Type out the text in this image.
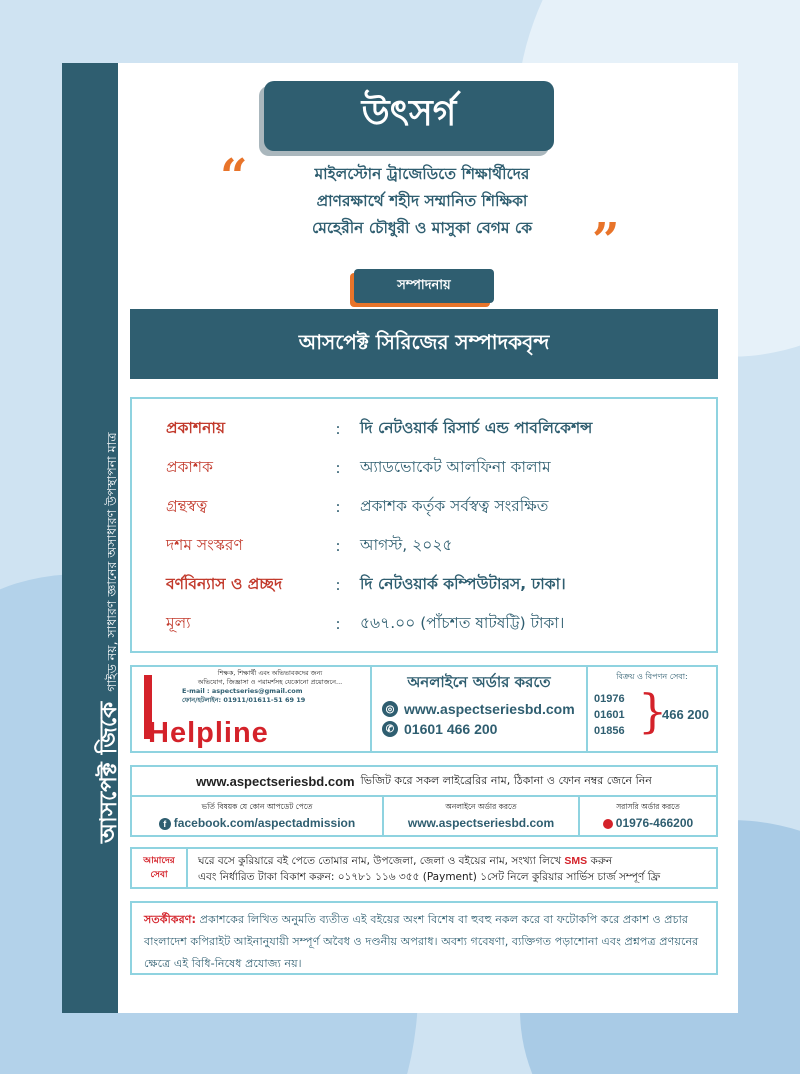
আসপেক্ট জিকে
গাইড নয়, সাধারণ জ্ঞানের অসাধারণ উপস্থাপনা মাত্র
উৎসর্গ
“	মাইলস্টোন ট্রাজেডিতে শিক্ষার্থীদের
প্রাণরক্ষার্থে শহীদ সম্মানিত শিক্ষিকা
মেহেরীন চৌধুরী ও মাসুকা বেগম কে	”
সম্পাদনায়
আসপেক্ট সিরিজের সম্পাদকবৃন্দ
প্রকাশনায়	:	দি নেটওয়ার্ক রিসার্চ এন্ড পাবলিকেশন্স
প্রকাশক	:	অ্যাডভোকেট আলফিনা কালাম
গ্রন্থস্বত্ব	:	প্রকাশক কর্তৃক সর্বস্বত্ব সংরক্ষিত
দশম সংস্করণ	:	আগস্ট, ২০২৫
বর্ণবিন্যাস ও প্রচ্ছদ	:	দি নেটওয়ার্ক কম্পিউটারস, ঢাকা।
মূল্য	:	৫৬৭.০০ (পাঁচশত ষাটষট্টি) টাকা।
শিক্ষক, শিক্ষার্থী এবং অভিভাবকদের জন্য
অভিযোগ, জিজ্ঞাসা ও পরামর্শসহ যেকোনো প্রয়োজনে...
E-mail : aspectseries@gmail.com
ফোন/হটলাইন: 01911/01611-51 69 19
Helpline
অনলাইনে অর্ডার করতে
◎ www.aspectseriesbd.com
✆ 01601 466 200
বিক্রয় ও বিপণন সেবা:
01976
01601
01856 }
466 200
www.aspectseriesbd.com ভিজিট করে সকল লাইব্রেরির নাম, ঠিকানা ও ফোন নম্বর জেনে নিন
ভর্তি বিষয়ক যে কোন আপডেট পেতে
f facebook.com/aspectadmission
অনলাইনে অর্ডার করতে
www.aspectseriesbd.com
সরাসরি অর্ডার করতে
01976-466200
আমাদের
সেবা
ঘরে বসে কুরিয়ারে বই পেতে তোমার নাম, উপজেলা, জেলা ও বইয়ের নাম, সংখ্যা লিখে SMS করুন
এবং নির্ধারিত টাকা বিকাশ করুন: ০১৭৮১ ১১৬ ৩৫৫ (Payment) ১সেট নিলে কুরিয়ার সার্ভিস চার্জ সম্পূর্ণ ফ্রি
সতর্কীকরণ: প্রকাশকের লিখিত অনুমতি ব্যতীত এই বইয়ের অংশ বিশেষ বা হুবহু নকল করে বা ফটোকপি করে প্রকাশ ও প্রচার বাংলাদেশ কপিরাইট আইনানুযায়ী সম্পূর্ণ অবৈধ ও দণ্ডনীয় অপরাধ। অবশ্য গবেষণা, ব্যক্তিগত পড়াশোনা এবং প্রশ্নপত্র প্রণয়নের ক্ষেত্রে এই বিধি-নিষেধ প্রযোজ্য নয়।
